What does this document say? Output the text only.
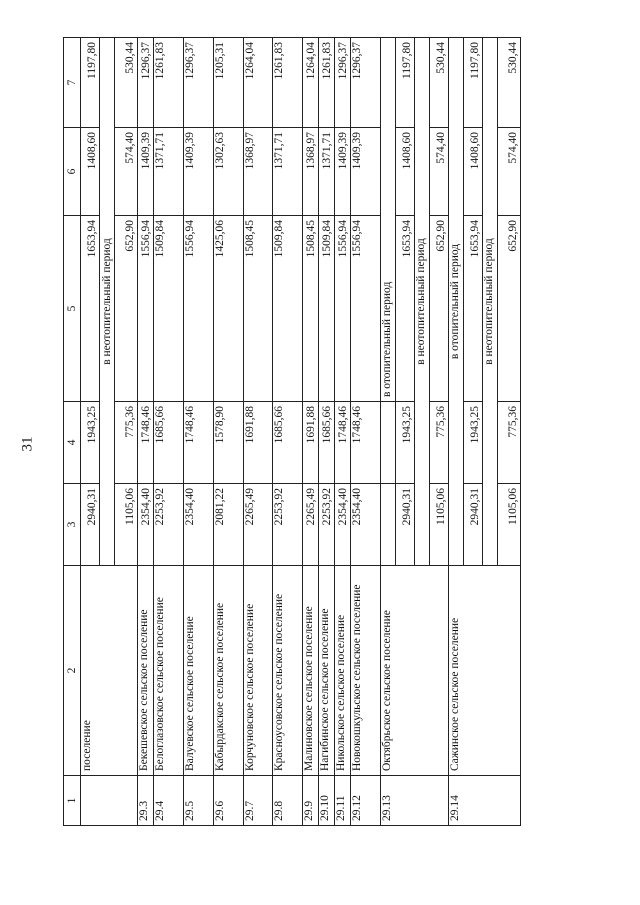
31
1	2	3	4	5	6	7
	поселение	2940,31	1943,25	1653,94	1408,60	1197,80
		в неотопительный период				
		1105,06	775,36	652,90	574,40	530,44
29.3	Бекешевское сельское поселение	2354,40	1748,46	1556,94	1409,39	1296,37
29.4	Белоглазовское сельское поселение	2253,92	1685,66	1509,84	1371,71	1261,83
29.5	Валуевское сельское поселение	2354,40	1748,46	1556,94	1409,39	1296,37
29.6	Кабырдакское сельское поселение	2081,22	1578,90	1425,06	1302,63	1205,31
29.7	Корчуновское сельское поселение	2265,49	1691,88	1508,45	1368,97	1264,04
29.8	Красноусовское сельское поселение	2253,92	1685,66	1509,84	1371,71	1261,83
29.9	Малиновское сельское поселение	2265,49	1691,88	1508,45	1368,97	1264,04
29.10	Нагибинское сельское поселение	2253,92	1685,66	1509,84	1371,71	1261,83
29.11	Никольское сельское поселение	2354,40	1748,46	1556,94	1409,39	1296,37
29.12	Новокошкульское сельское поселение	2354,40	1748,46	1556,94	1409,39	1296,37
29.13	Октябрьское сельское поселение			в отопительный период		
		2940,31	1943,25	1653,94	1408,60	1197,80
		в неотопительный период				
		1105,06	775,36	652,90	574,40	530,44
29.14	Сажинское сельское поселение	в отопительный период				
		2940,31	1943,25	1653,94	1408,60	1197,80
		в неотопительный период				
		1105,06	775,36	652,90	574,40	530,44
